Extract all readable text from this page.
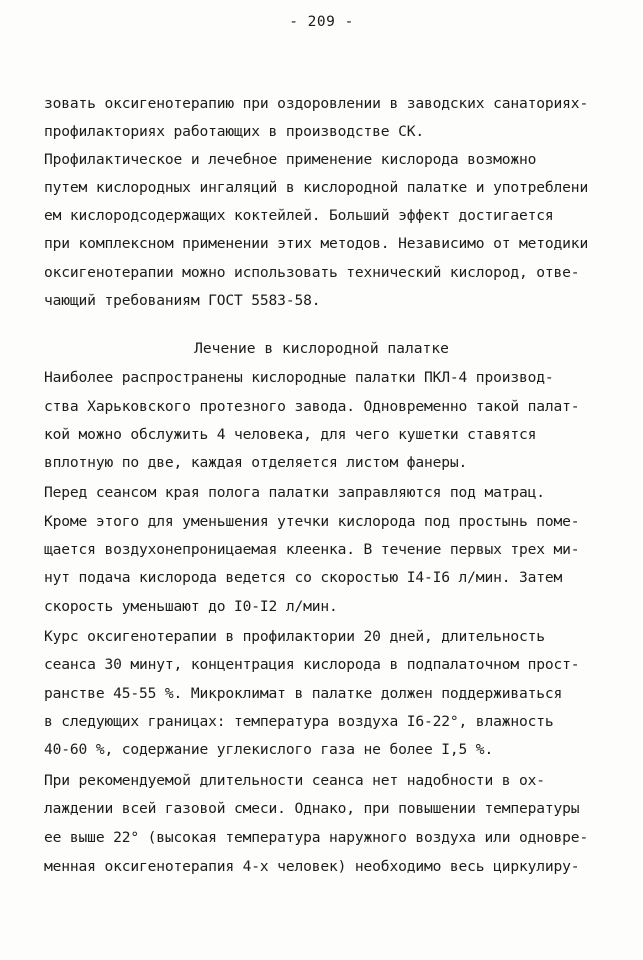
- 209 -
зовать оксигенотерапию при оздоровлении в заводских санаториях-
профилакториях работающих в производстве СК.
Профилактическое и лечебное применение кислорода возможно
путем кислородных ингаляций в кислородной палатке и употреблени
ем кислородсодержащих коктейлей. Больший эффект достигается
при комплексном применении этих методов. Независимо от методики
оксигенотерапии можно использовать технический кислород, отве-
чающий требованиям ГОСТ 5583-58.
Лечение в кислородной палатке
Наиболее распространены кислородные палатки ПКЛ-4 производ-
ства Харьковского протезного завода. Одновременно такой палат-
кой можно обслужить 4 человека, для чего кушетки ставятся
вплотную по две, каждая отделяется листом фанеры.
Перед сеансом края полога палатки заправляются под матрац.
Кроме этого для уменьшения утечки кислорода под простынь поме-
щается воздухонепроницаемая клеенка. В течение первых трех ми-
нут подача кислорода ведется со скоростью I4-I6 л/мин. Затем
скорость уменьшают до I0-I2 л/мин.
Курс оксигенотерапии в профилактории 20 дней, длительность
сеанса 30 минут, концентрация кислорода в подпалаточном прост-
ранстве 45-55 %. Микроклимат в палатке должен поддерживаться
в следующих границах: температура воздуха I6-22°, влажность
40-60 %, содержание углекислого газа не более I,5 %.
При рекомендуемой длительности сеанса нет надобности в ох-
лаждении всей газовой смеси. Однако, при повышении температуры
ее выше 22° (высокая температура наружного воздуха или одновре-
менная оксигенотерапия 4-х человек) необходимо весь циркулиру-
